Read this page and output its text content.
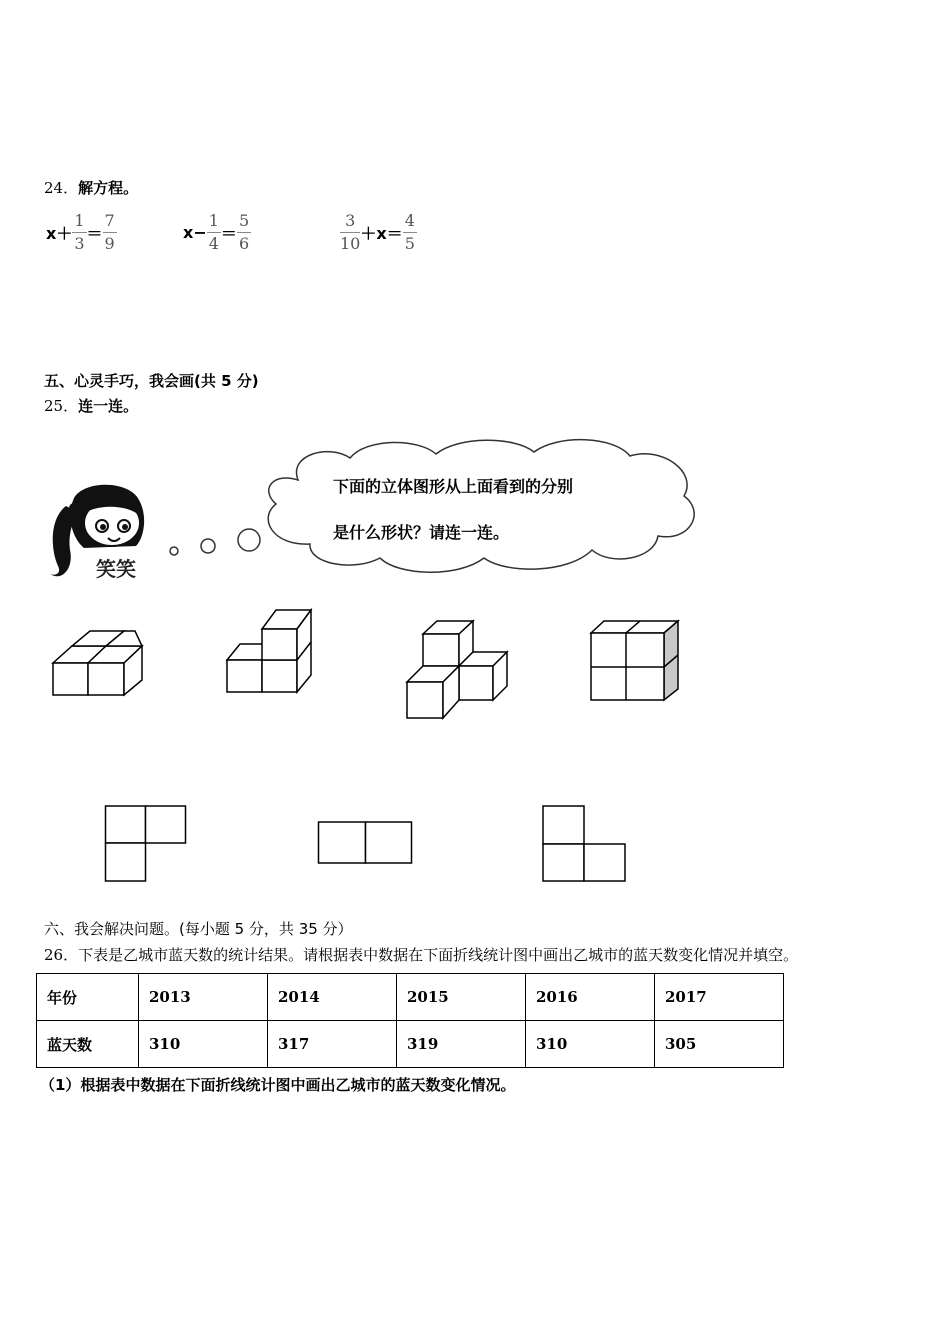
24．解方程。
$x+ \frac{1}{3} = \frac{7}{9}$	$x- \frac{1}{4} = \frac{5}{6}$	$\frac{3}{10} +x= \frac{4}{5}$
五、心灵手巧，我会画(共 5 分)
25．连一连。
笑笑
下面的立体图形从上面看到的分别
是什么形状？请连一连。
六、我会解决问题。(每小题 5 分，共 35 分）
26．下表是乙城市蓝天数的统计结果。请根据表中数据在下面折线统计图中画出乙城市的蓝天数变化情况并填空。
年份	2013	2014	2015	2016	2017
蓝天数	310	317	319	310	305
（1）根据表中数据在下面折线统计图中画出乙城市的蓝天数变化情况。
